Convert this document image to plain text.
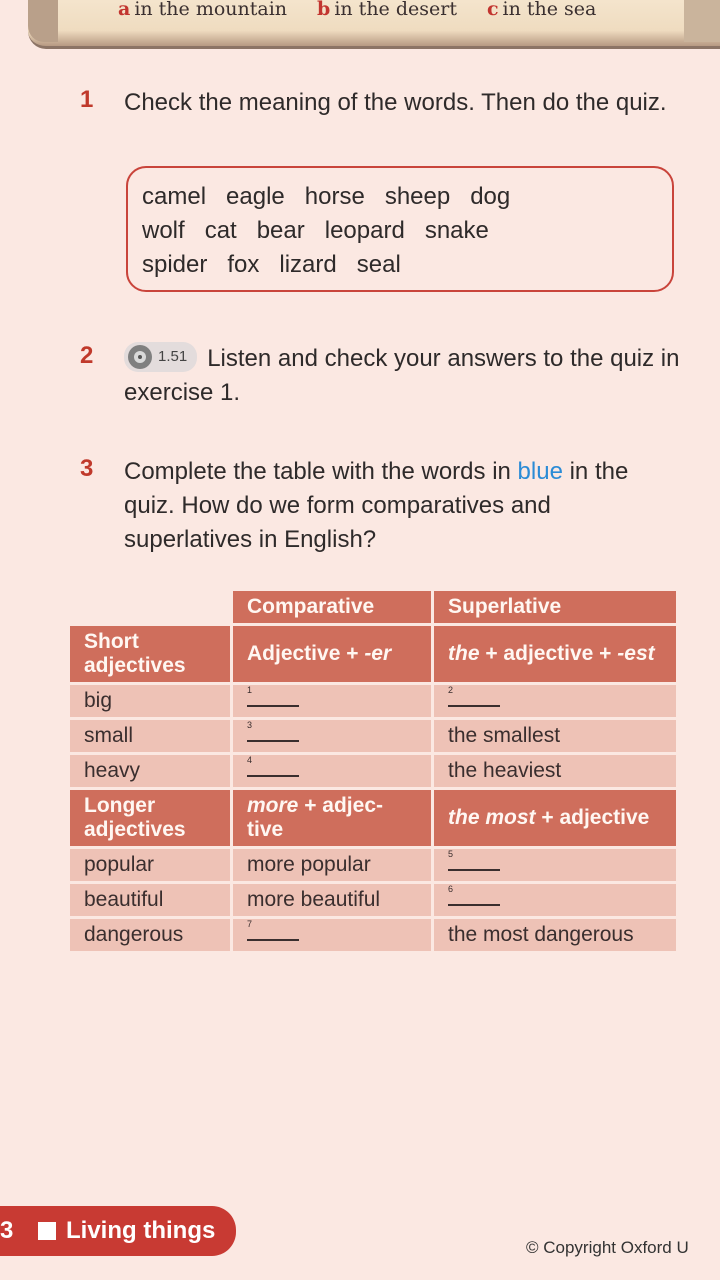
a in the mountain b in the desert c in the sea
1 Check the meaning of the words. Then do the quiz.
camel eagle horse sheep dog
wolf cat bear leopard snake
spider fox lizard seal
2	1.51 Listen and check your answers to the quiz in exercise 1.
3 Complete the table with the words in blue in the quiz. How do we form comparatives and superlatives in English?
	Comparative	Superlative
Short adjectives	Adjective + -er	the + adjective + -est
big	1	2

small	3	the smallest
heavy	4	the heaviest
Longer adjectives	more + adjec-tive	the most + adjective
popular	more popular	5

beautiful	more beautiful	6

dangerous	7	the most dangerous
3	Living things
© Copyright Oxford U
